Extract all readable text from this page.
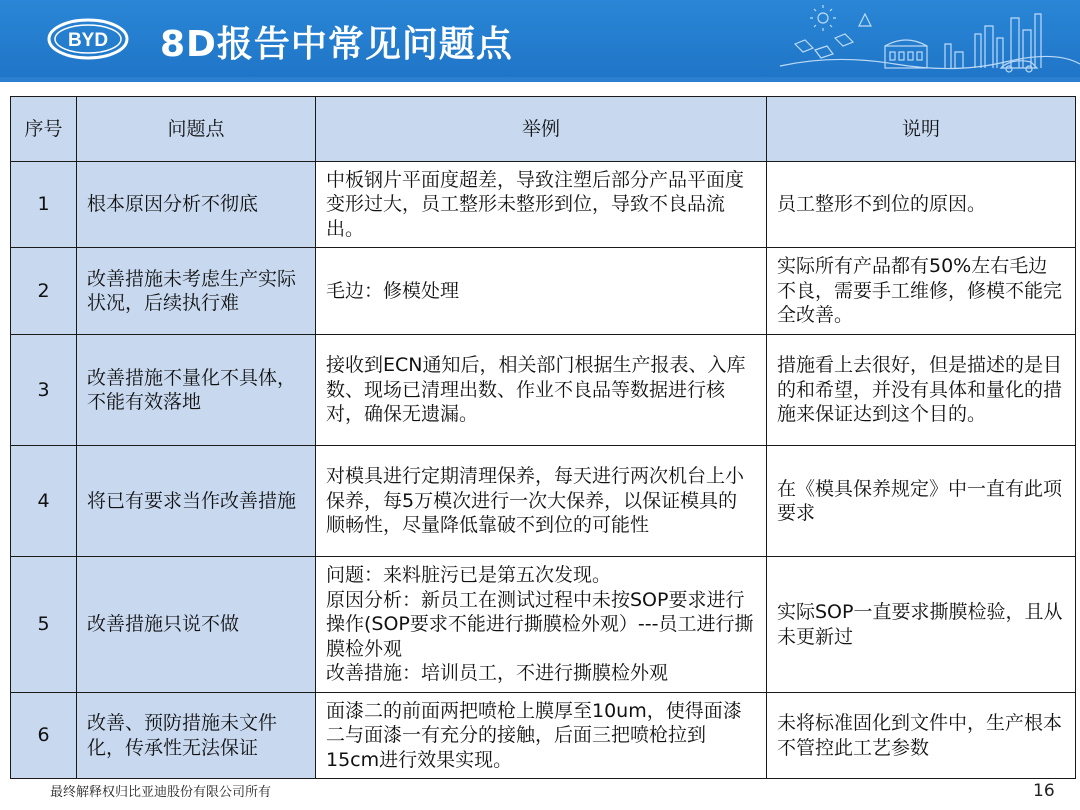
BYD 8D报告中常见问题点
序号	问题点	举例	说明
1	根本原因分析不彻底	中板钢片平面度超差，导致注塑后部分产品平面度变形过大，员工整形未整形到位，导致不良品流出。	员工整形不到位的原因。
2	改善措施未考虑生产实际状况，后续执行难	毛边：修模处理	实际所有产品都有50%左右毛边不良，需要手工维修，修模不能完全改善。
3	改善措施不量化不具体，不能有效落地	接收到ECN通知后，相关部门根据生产报表、入库数、现场已清理出数、作业不良品等数据进行核对，确保无遗漏。	措施看上去很好，但是描述的是目的和希望，并没有具体和量化的措施来保证达到这个目的。
4	将已有要求当作改善措施	对模具进行定期清理保养，每天进行两次机台上小保养，每5万模次进行一次大保养，以保证模具的顺畅性，尽量降低靠破不到位的可能性	在《模具保养规定》中一直有此项要求
5	改善措施只说不做	问题：来料脏污已是第五次发现。
原因分析：新员工在测试过程中未按SOP要求进行操作(SOP要求不能进行撕膜检外观）---员工进行撕膜检外观
改善措施：培训员工，不进行撕膜检外观	实际SOP一直要求撕膜检验，且从未更新过
6	改善、预防措施未文件化，传承性无法保证	面漆二的前面两把喷枪上膜厚至10um，使得面漆二与面漆一有充分的接触，后面三把喷枪拉到15cm进行效果实现。	未将标准固化到文件中，生产根本不管控此工艺参数
最终解释权归比亚迪股份有限公司所有	16
